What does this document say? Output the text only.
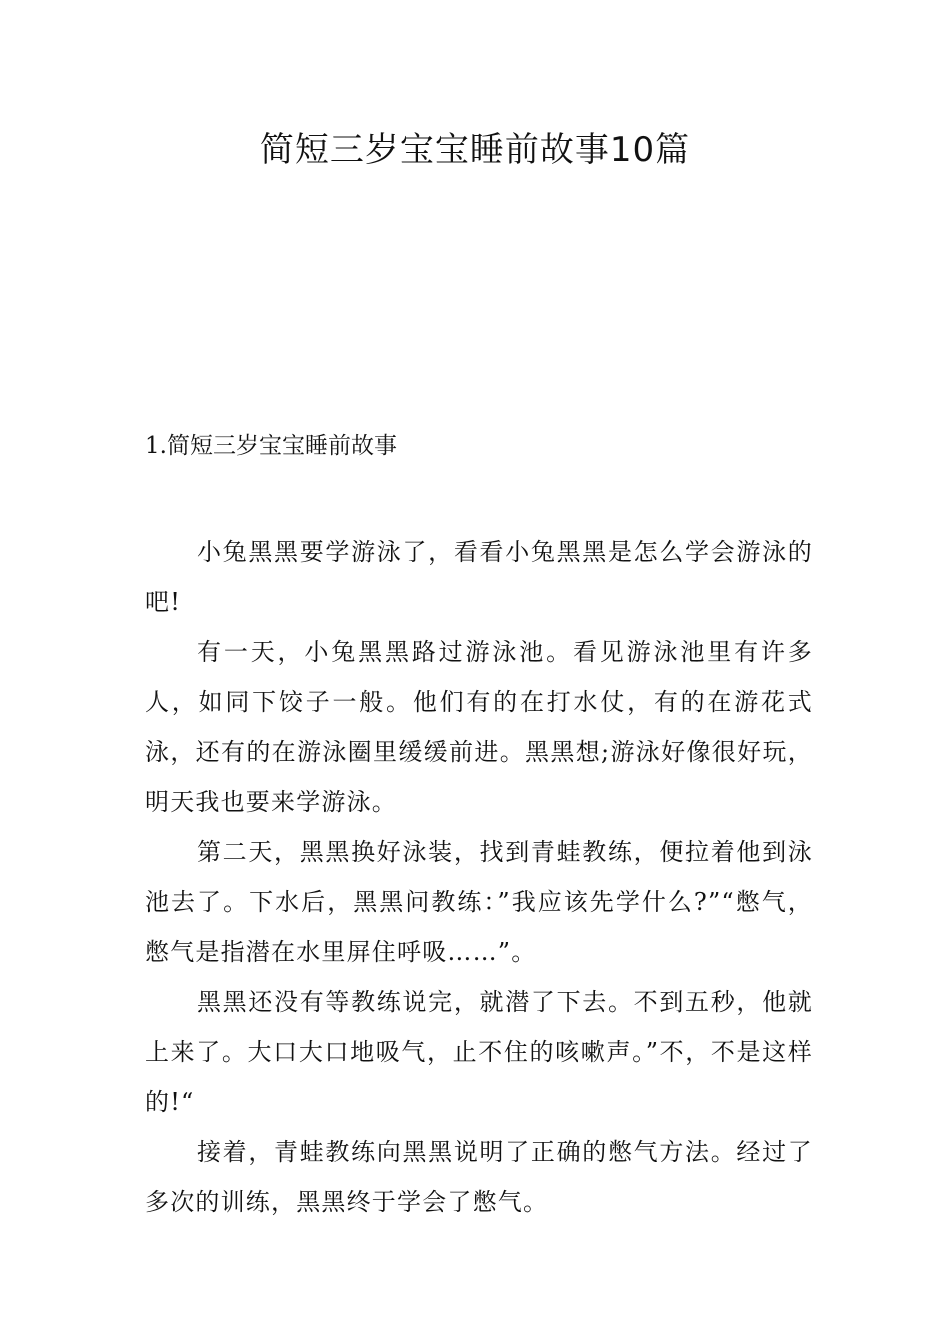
简短三岁宝宝睡前故事10篇
1.简短三岁宝宝睡前故事

小兔黑黑要学游泳了，看看小兔黑黑是怎么学会游泳的吧!

有一天，小兔黑黑路过游泳池。看见游泳池里有许多人，如同下饺子一般。他们有的在打水仗，有的在游花式泳，还有的在游泳圈里缓缓前进。黑黑想;游泳好像很好玩，明天我也要来学游泳。

第二天，黑黑换好泳装，找到青蛙教练，便拉着他到泳池去了。下水后，黑黑问教练：”我应该先学什么?”“憋气，憋气是指潜在水里屏住呼吸……”。

黑黑还没有等教练说完，就潜了下去。不到五秒，他就上来了。大口大口地吸气，止不住的咳嗽声。”不，不是这样的!“

接着，青蛙教练向黑黑说明了正确的憋气方法。经过了多次的训练，黑黑终于学会了憋气。
